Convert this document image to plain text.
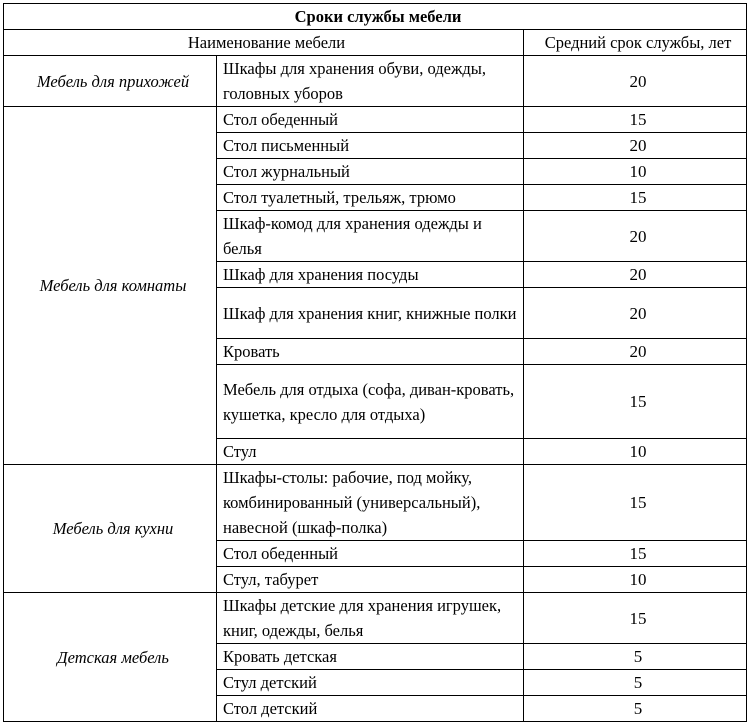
Сроки службы мебели		
Наименование мебели		Средний срок службы, лет
Мебель для прихожей	Шкафы для хранения обуви, одежды, головных уборов	20
Мебель для комнаты	Стол обеденный	15
	Стол письменный	20
	Стол журнальный	10
	Стол туалетный, трельяж, трюмо	15
	Шкаф-комод для хранения одежды и белья	20
	Шкаф для хранения посуды	20
	Шкаф для хранения книг, книжные полки	20
	Кровать	20
	Мебель для отдыха (софа, диван-кровать, кушетка, кресло для отдыха)	15
	Стул	10
Мебель для кухни	Шкафы-столы: рабочие, под мойку, комбинированный (универсальный), навесной (шкаф-полка)	15
	Стол обеденный	15
	Стул, табурет	10
Детская мебель	Шкафы детские для хранения игрушек, книг, одежды, белья	15
	Кровать детская	5
	Стул детский	5
	Стол детский	5
